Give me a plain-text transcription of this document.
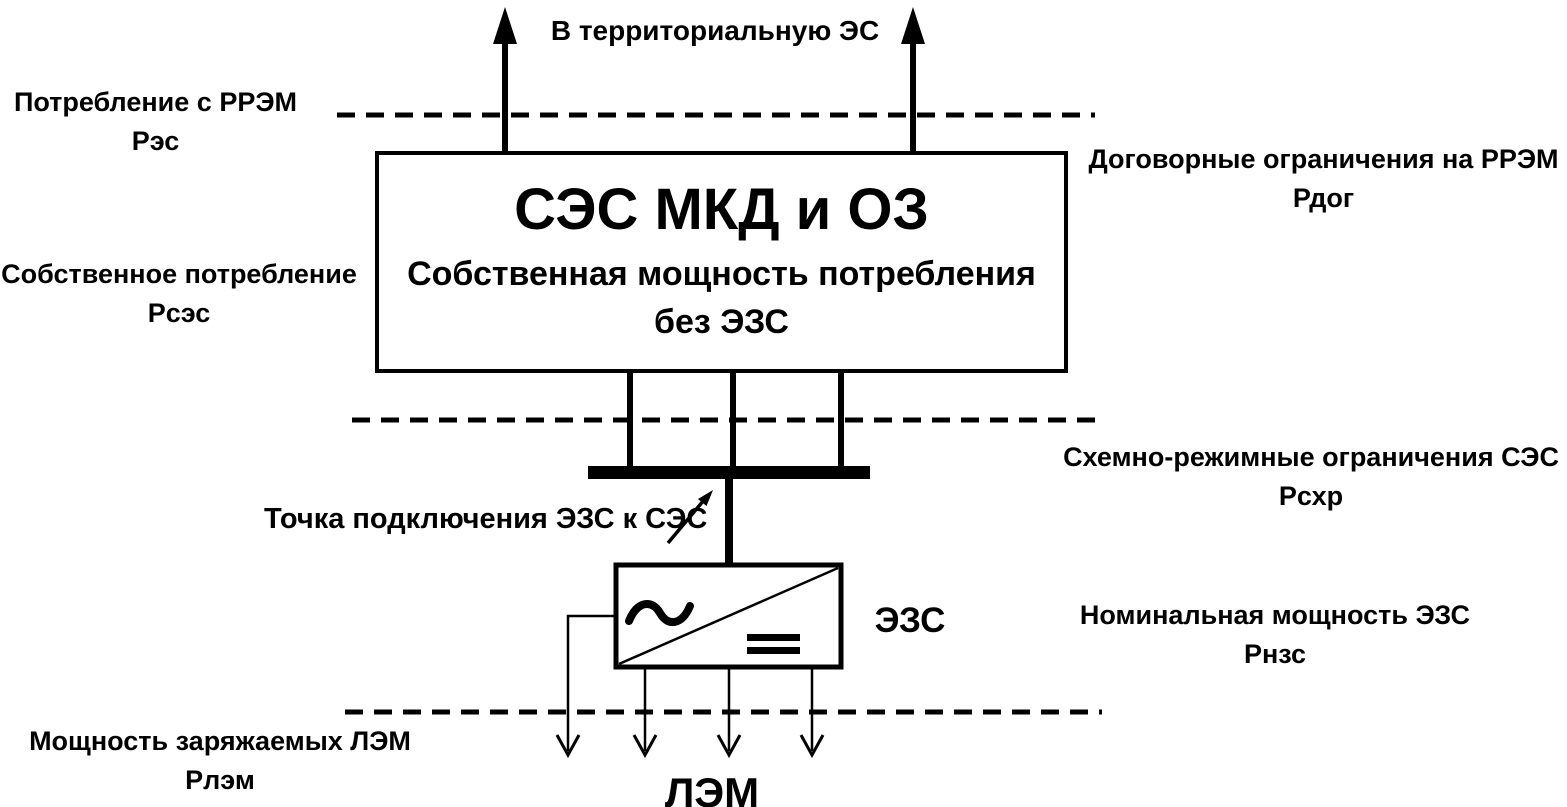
В территориальную ЭС
СЭС МКД и ОЗ
Собственная мощность потребления
без ЭЗС
Потребление с РРЭМ
Рэс
Собственное потребление
Рсэс
Мощность заряжаемых ЛЭМ
Рлэм
Договорные ограничения на РРЭМ
Рдог
Схемно-режимные ограничения СЭС
Рсхр
Номинальная мощность ЭЗС
Рнзс
Точка подключения ЭЗС к СЭС
ЭЗС
ЛЭМ
